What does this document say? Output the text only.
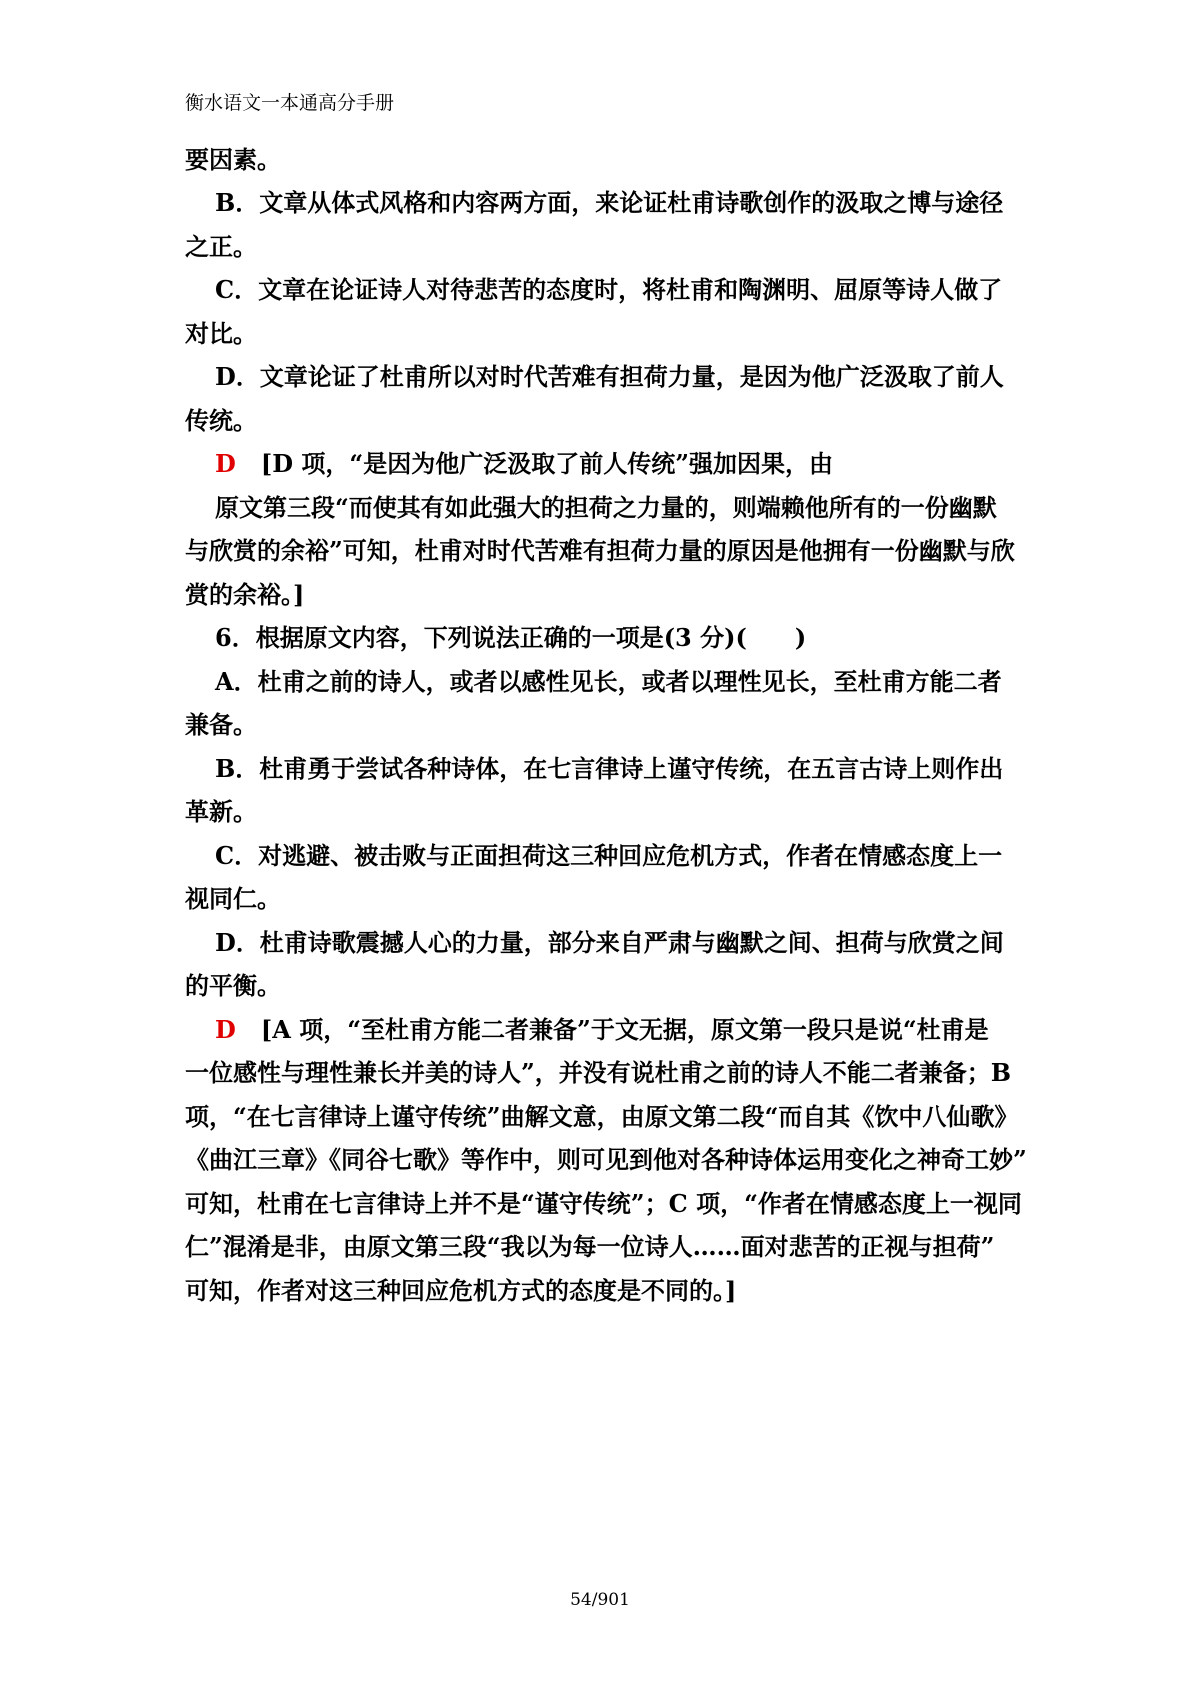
衡水语文一本通高分手册
要因素。
B．文章从体式风格和内容两方面，来论证杜甫诗歌创作的汲取之博与途径
之正。
C．文章在论证诗人对待悲苦的态度时，将杜甫和陶渊明、屈原等诗人做了
对比。
D．文章论证了杜甫所以对时代苦难有担荷力量，是因为他广泛汲取了前人
传统。
D [D 项，“是因为他广泛汲取了前人传统”强加因果，由
原文第三段“而使其有如此强大的担荷之力量的，则端赖他所有的一份幽默
与欣赏的余裕”可知，杜甫对时代苦难有担荷力量的原因是他拥有一份幽默与欣
赏的余裕。]
6．根据原文内容，下列说法正确的一项是(3 分)(　　)
A．杜甫之前的诗人，或者以感性见长，或者以理性见长，至杜甫方能二者
兼备。
B．杜甫勇于尝试各种诗体，在七言律诗上谨守传统，在五言古诗上则作出
革新。
C．对逃避、被击败与正面担荷这三种回应危机方式，作者在情感态度上一
视同仁。
D．杜甫诗歌震撼人心的力量，部分来自严肃与幽默之间、担荷与欣赏之间
的平衡。
D [A 项，“至杜甫方能二者兼备”于文无据，原文第一段只是说“杜甫是
一位感性与理性兼长并美的诗人”，并没有说杜甫之前的诗人不能二者兼备；B
项，“在七言律诗上谨守传统”曲解文意，由原文第二段“而自其《饮中八仙歌》
《曲江三章》《同谷七歌》等作中，则可见到他对各种诗体运用变化之神奇工妙”
可知，杜甫在七言律诗上并不是“谨守传统”；C 项，“作者在情感态度上一视同
仁”混淆是非，由原文第三段“我以为每一位诗人……面对悲苦的正视与担荷”
可知，作者对这三种回应危机方式的态度是不同的。]
54/901
